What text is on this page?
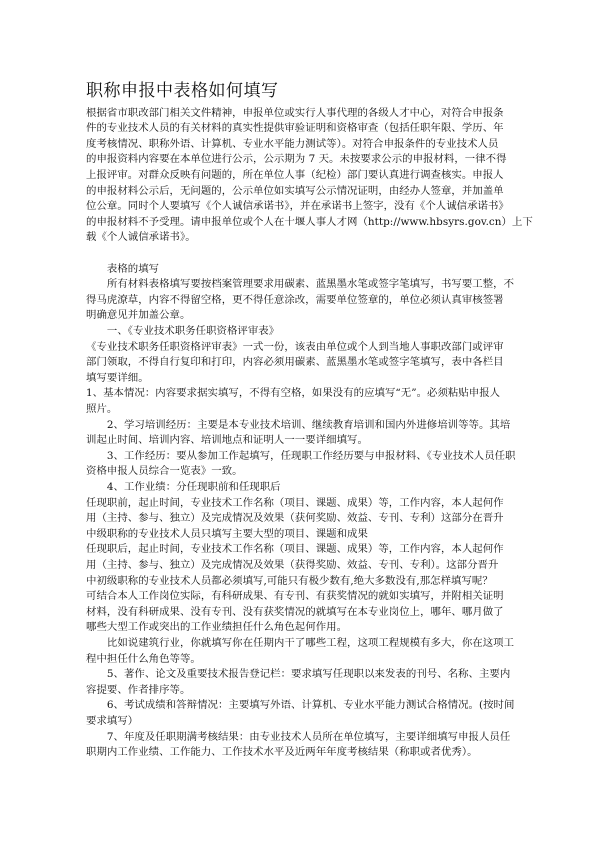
职称申报中表格如何填写
根据省市职改部门相关文件精神，申报单位或实行人事代理的各级人才中心，对符合申报条
件的专业技术人员的有关材料的真实性提供审验证明和资格审查（包括任职年限、学历、年
度考核情况、职称外语、计算机、专业水平能力测试等）。对符合申报条件的专业技术人员
的申报资料内容要在本单位进行公示，公示期为 7 天。未按要求公示的申报材料，一律不得
上报评审。对群众反映有问题的，所在单位人事（纪检）部门要认真进行调查核实。申报人
的申报材料公示后，无问题的，公示单位如实填写公示情况证明，由经办人签章，并加盖单
位公章。同时个人要填写《个人诚信承诺书》，并在承诺书上签字，没有《个人诚信承诺书》
的申报材料不予受理。请申报单位或个人在十堰人事人才网（http://www.hbsyrs.gov.cn）上下
载《个人诚信承诺书》。
　　表格的填写
　　所有材料表格填写要按档案管理要求用碳素、蓝黑墨水笔或签字笔填写，书写要工整，不
得马虎潦草，内容不得留空格，更不得任意涂改，需要单位签章的，单位必须认真审核签署
明确意见并加盖公章。
　　一、《专业技术职务任职资格评审表》
《专业技术职务任职资格评审表》一式一份，该表由单位或个人到当地人事职改部门或评审
部门领取，不得自行复印和打印，内容必须用碳素、蓝黑墨水笔或签字笔填写，表中各栏目
填写要详细。
1、基本情况：内容要求据实填写，不得有空格，如果没有的应填写“无”。必须粘贴申报人
照片。
　　2、学习培训经历：主要是本专业技术培训、继续教育培训和国内外进修培训等等。其培
训起止时间、培训内容、培训地点和证明人一一要详细填写。
　　3、工作经历：要从参加工作起填写，任现职工作经历要与申报材料、《专业技术人员任职
资格申报人员综合一览表》一致。
　　4、工作业绩：分任现职前和任现职后
任现职前，起止时间，专业技术工作名称（项目、课题、成果）等，工作内容，本人起何作
用（主持、参与、独立）及完成情况及效果（获何奖励、效益、专刊、专利）这部分在晋升
中级职称的专业技术人员只填写主要大型的项目、课题和成果
任现职后，起止时间，专业技术工作名称（项目、课题、成果）等，工作内容，本人起何作
用（主持、参与、独立）及完成情况及效果（获得奖励、效益、专刊、专利）。这部分晋升
中初级职称的专业技术人员都必须填写,可能只有极少数有,绝大多数没有,那怎样填写呢？
可结合本人工作岗位实际，有科研成果、有专刊、有获奖情况的就如实填写，并附相关证明
材料，没有科研成果、没有专刊、没有获奖情况的就填写在本专业岗位上，哪年、哪月做了
哪些大型工作或突出的工作业绩担任什么角色起何作用。
　　比如说建筑行业，你就填写你在任期内干了哪些工程，这项工程规模有多大，你在这项工
程中担任什么角色等等。
　　5、著作、论文及重要技术报告登记栏：要求填写任现职以来发表的刊号、名称、主要内
容提要、作者排序等。
　　6、考试成绩和答辩情况：主要填写外语、计算机、专业水平能力测试合格情况。(按时间
要求填写）
　　7、年度及任职期满考核结果：由专业技术人员所在单位填写，主要详细填写申报人员任
职期内工作业绩、工作能力、工作技术水平及近两年年度考核结果（称职或者优秀）。
